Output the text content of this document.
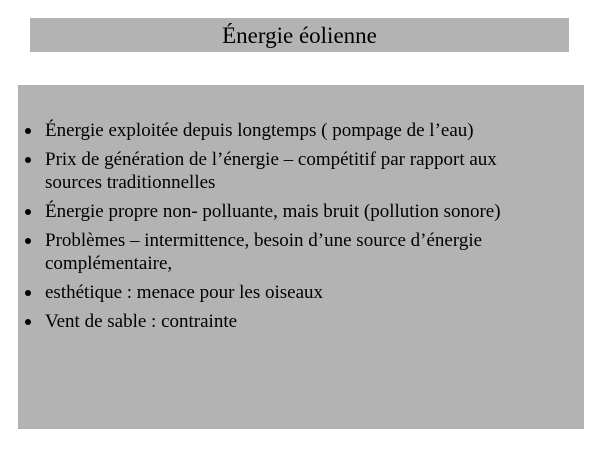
Énergie éolienne
Énergie exploitée depuis longtemps ( pompage de l’eau)
Prix de génération de l’énergie – compétitif par rapport aux sources traditionnelles
Énergie propre non- polluante, mais bruit (pollution sonore)
Problèmes – intermittence, besoin d’une source d’énergie complémentaire,
esthétique : menace pour les oiseaux
Vent de sable : contrainte
